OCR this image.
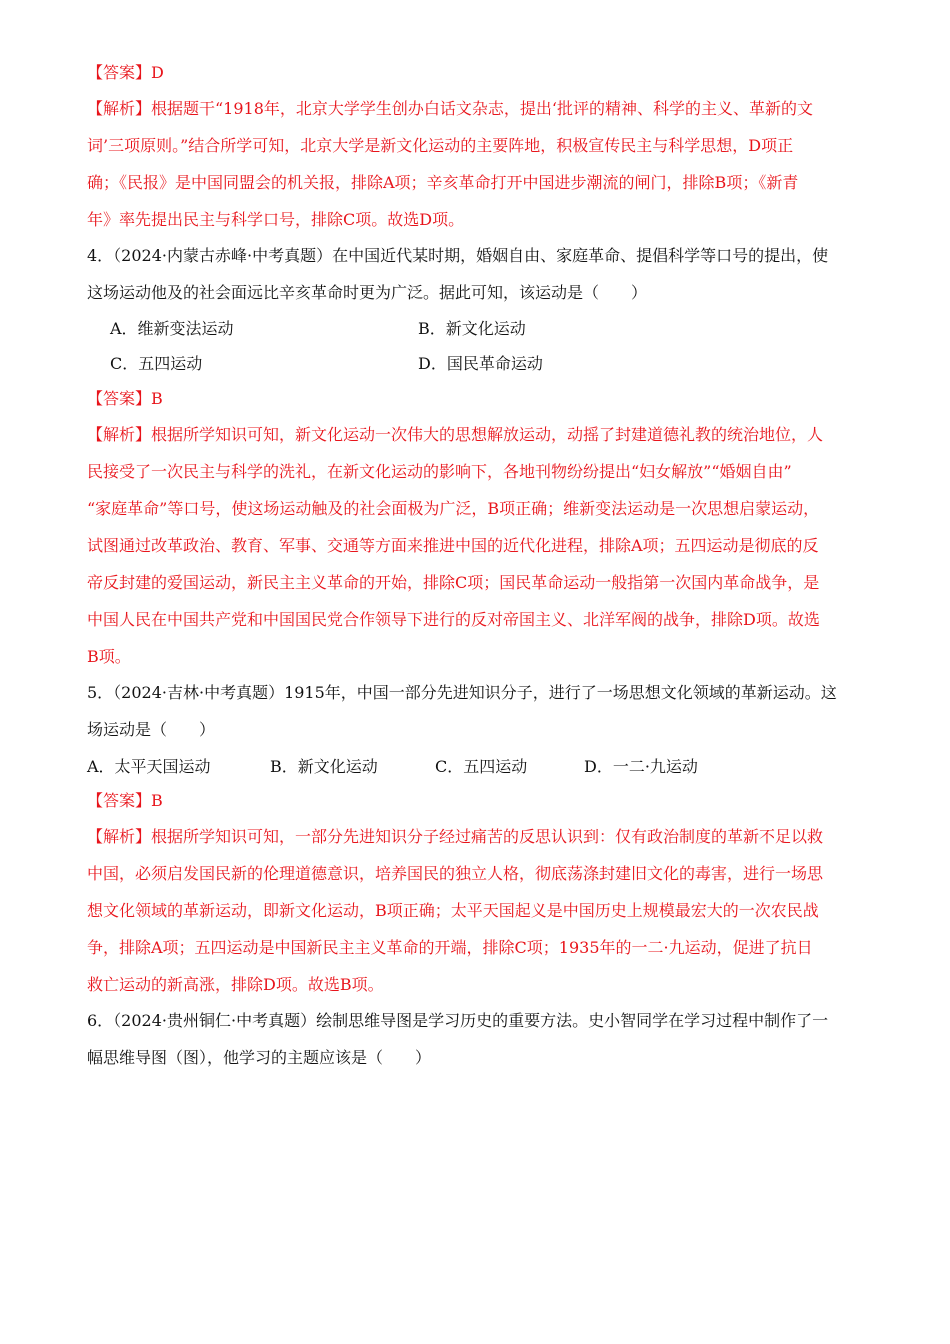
【答案】D
【解析】根据题干“1918年，北京大学学生创办白话文杂志，提出‘批评的精神、科学的主义、革新的文
词’三项原则。”结合所学可知，北京大学是新文化运动的主要阵地，积极宣传民主与科学思想，D项正
确；《民报》是中国同盟会的机关报，排除A项；辛亥革命打开中国进步潮流的闸门，排除B项；《新青
年》率先提出民主与科学口号，排除C项。故选D项。
4．（2024·内蒙古赤峰·中考真题）在中国近代某时期，婚姻自由、家庭革命、提倡科学等口号的提出，使
这场运动他及的社会面远比辛亥革命时更为广泛。据此可知，该运动是（　　）
A．维新变法运动	B．新文化运动
C．五四运动	D．国民革命运动
【答案】B
【解析】根据所学知识可知，新文化运动一次伟大的思想解放运动，动摇了封建道德礼教的统治地位，人
民接受了一次民主与科学的洗礼，在新文化运动的影响下，各地刊物纷纷提出“妇女解放”“婚姻自由”
“家庭革命”等口号，使这场运动触及的社会面极为广泛，B项正确；维新变法运动是一次思想启蒙运动，
试图通过改革政治、教育、军事、交通等方面来推进中国的近代化进程，排除A项；五四运动是彻底的反
帝反封建的爱国运动，新民主主义革命的开始，排除C项；国民革命运动一般指第一次国内革命战争，是
中国人民在中国共产党和中国国民党合作领导下进行的反对帝国主义、北洋军阀的战争，排除D项。故选
B项。
5．（2024·吉林·中考真题）1915年，中国一部分先进知识分子，进行了一场思想文化领域的革新运动。这
场运动是（　　）
A．太平天国运动	B．新文化运动	C．五四运动	D．一二·九运动
【答案】B
【解析】根据所学知识可知，一部分先进知识分子经过痛苦的反思认识到：仅有政治制度的革新不足以救
中国，必须启发国民新的伦理道德意识，培养国民的独立人格，彻底荡涤封建旧文化的毒害，进行一场思
想文化领域的革新运动，即新文化运动，B项正确；太平天国起义是中国历史上规模最宏大的一次农民战
争，排除A项；五四运动是中国新民主主义革命的开端，排除C项；1935年的一二·九运动，促进了抗日
救亡运动的新高涨，排除D项。故选B项。
6．（2024·贵州铜仁·中考真题）绘制思维导图是学习历史的重要方法。史小智同学在学习过程中制作了一
幅思维导图（图），他学习的主题应该是（　　）
